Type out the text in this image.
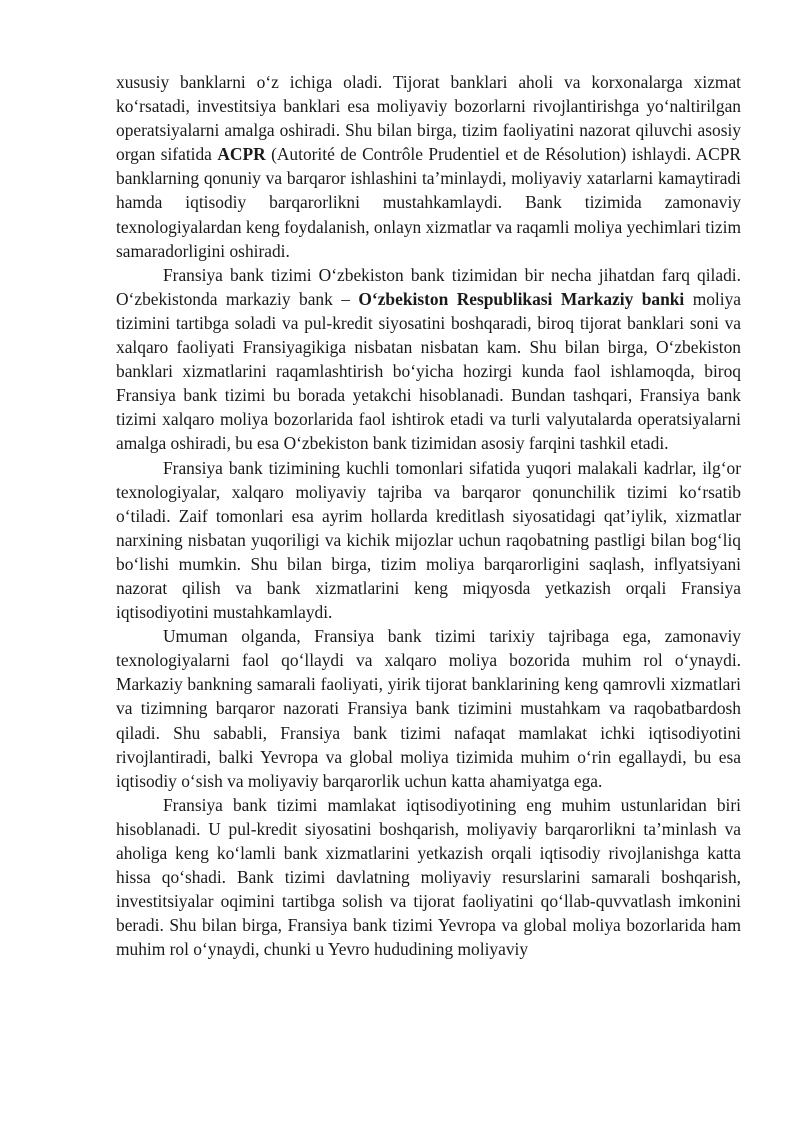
xususiy banklarni o‘z ichiga oladi. Tijorat banklari aholi va korxonalarga xizmat ko‘rsatadi, investitsiya banklari esa moliyaviy bozorlarni rivojlantirishga yo‘naltirilgan operatsiyalarni amalga oshiradi. Shu bilan birga, tizim faoliyatini nazorat qiluvchi asosiy organ sifatida ACPR (Autorité de Contrôle Prudentiel et de Résolution) ishlaydi. ACPR banklarning qonuniy va barqaror ishlashini ta’minlaydi, moliyaviy xatarlarni kamaytiradi hamda iqtisodiy barqarorlikni mustahkamlaydi. Bank tizimida zamonaviy texnologiyalardan keng foydalanish, onlayn xizmatlar va raqamli moliya yechimlari tizim samaradorligini oshiradi.

Fransiya bank tizimi O‘zbekiston bank tizimidan bir necha jihatdan farq qiladi. O‘zbekistonda markaziy bank – O‘zbekiston Respublikasi Markaziy banki moliya tizimini tartibga soladi va pul-kredit siyosatini boshqaradi, biroq tijorat banklari soni va xalqaro faoliyati Fransiyagikiga nisbatan nisbatan kam. Shu bilan birga, O‘zbekiston banklari xizmatlarini raqamlashtirish bo‘yicha hozirgi kunda faol ishlamoqda, biroq Fransiya bank tizimi bu borada yetakchi hisoblanadi. Bundan tashqari, Fransiya bank tizimi xalqaro moliya bozorlarida faol ishtirok etadi va turli valyutalarda operatsiyalarni amalga oshiradi, bu esa O‘zbekiston bank tizimidan asosiy farqini tashkil etadi.

Fransiya bank tizimining kuchli tomonlari sifatida yuqori malakali kadrlar, ilg‘or texnologiyalar, xalqaro moliyaviy tajriba va barqaror qonunchilik tizimi ko‘rsatib o‘tiladi. Zaif tomonlari esa ayrim hollarda kreditlash siyosatidagi qat’iylik, xizmatlar narxining nisbatan yuqoriligi va kichik mijozlar uchun raqobatning pastligi bilan bog‘liq bo‘lishi mumkin. Shu bilan birga, tizim moliya barqarorligini saqlash, inflyatsiyani nazorat qilish va bank xizmatlarini keng miqyosda yetkazish orqali Fransiya iqtisodiyotini mustahkamlaydi.

Umuman olganda, Fransiya bank tizimi tarixiy tajribaga ega, zamonaviy texnologiyalarni faol qo‘llaydi va xalqaro moliya bozorida muhim rol o‘ynaydi. Markaziy bankning samarali faoliyati, yirik tijorat banklarining keng qamrovli xizmatlari va tizimning barqaror nazorati Fransiya bank tizimini mustahkam va raqobatbardosh qiladi. Shu sababli, Fransiya bank tizimi nafaqat mamlakat ichki iqtisodiyotini rivojlantiradi, balki Yevropa va global moliya tizimida muhim o‘rin egallaydi, bu esa iqtisodiy o‘sish va moliyaviy barqarorlik uchun katta ahamiyatga ega.

Fransiya bank tizimi mamlakat iqtisodiyotining eng muhim ustunlaridan biri hisoblanadi. U pul-kredit siyosatini boshqarish, moliyaviy barqarorlikni ta’minlash va aholiga keng ko‘lamli bank xizmatlarini yetkazish orqali iqtisodiy rivojlanishga katta hissa qo‘shadi. Bank tizimi davlatning moliyaviy resurslarini samarali boshqarish, investitsiyalar oqimini tartibga solish va tijorat faoliyatini qo‘llab-quvvatlash imkonini beradi. Shu bilan birga, Fransiya bank tizimi Yevropa va global moliya bozorlarida ham muhim rol o‘ynaydi, chunki u Yevro hududining moliyaviy
